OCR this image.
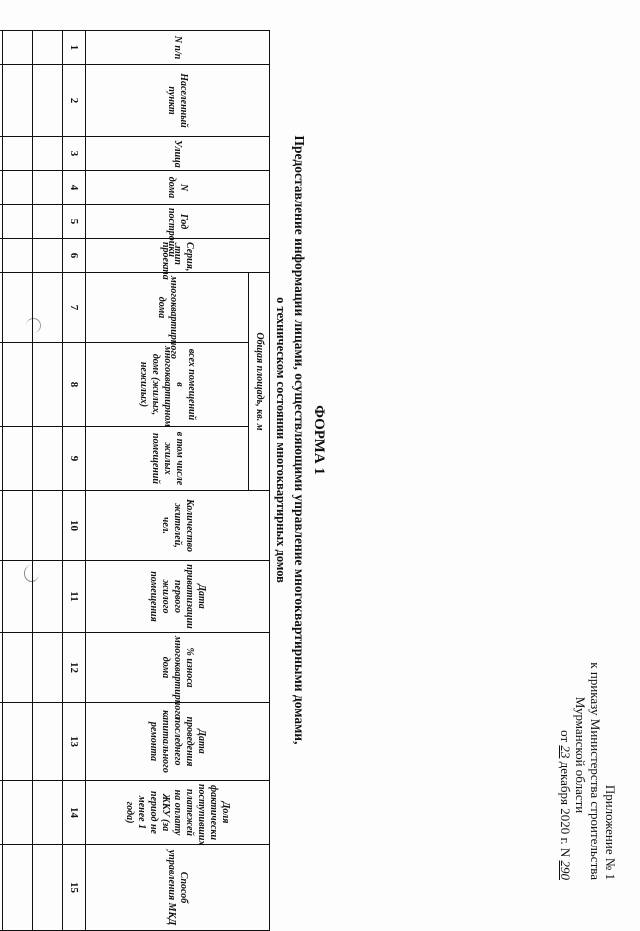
Приложение № 1
к приказу Министерства строительства
Мурманской области
от 23 декабря 2020 г. N 290
ФОРМА 1
Предоставление информации лицами, осуществляющими управление многоквартирными домами,
о техническом состоянии многоквартирных домов
N п/п	Населенный пункт	Улица	N дома	Год постройки	Серия, тип проекта	Общая площадь, кв. м			Количество жителей, чел.	Дата приватизации первого жилого помещения	% износа многоквартирного дома	Дата проведения последнего капитального ремонта	Доля фактически поступивших платежей на оплату ЖКУ (за период не менее 1 года)	Способ управления МКД
						многоквартирного дома	всех помещений в многоквартирном доме (жилых, нежилых)	в том числе жилых помещений						
1	2	3	4	5	6	7	8	9	10	11	12	13	14	15
